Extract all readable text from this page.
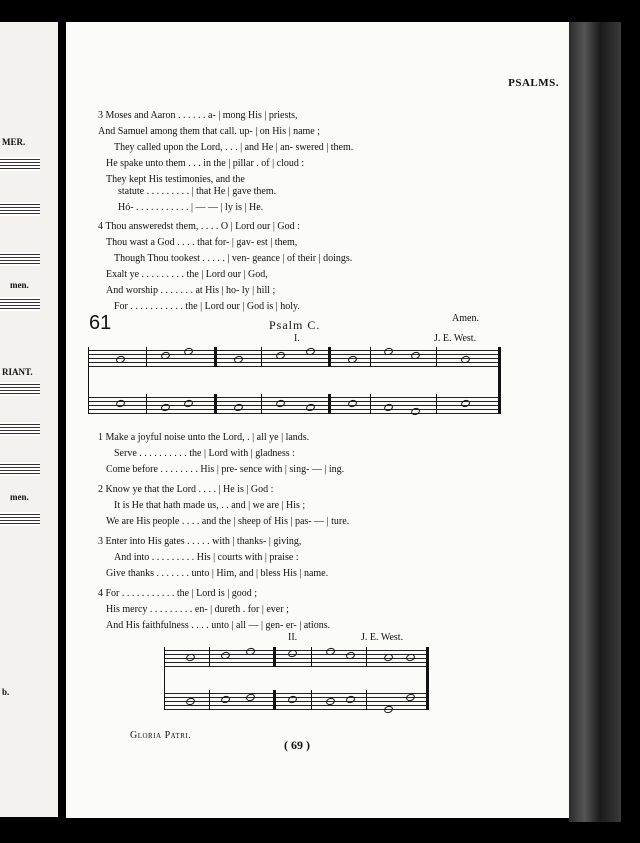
MER.
men.
RIANT.
men.
b.
PSALMS.
3 Moses and Aaron . . . . . . a- | mong His | priests,
And Samuel among them that call. up- | on His | name ;
They called upon the Lord, . . . | and He | an- swered | them.
He spake unto them . . . in the | pillar . of | cloud :
They kept His testimonies, and the
statute . . . . . . . . . | that He | gave them.
Hó- . . . . . . . . . . . | — — | ly is | He.
4 Thou answeredst them, . . . . O | Lord our | God :
Thou wast a God . . . . that for- | gav- est | them,
Though Thou tookest . . . . . | ven- geance | of their | doings.
Exalt ye . . . . . . . . . the | Lord our | God,
And worship . . . . . . . at His | ho- ly | hill ;
For . . . . . . . . . . . the | Lord our | God is | holy.
Amen.
61	Psalm C.
I.	J. E. West.
1 Make a joyful noise unto the Lord, . | all ye | lands.
Serve . . . . . . . . . . the | Lord with | gladness :
Come before . . . . . . . . His | pre- sence with | sing- — | ing.
2 Know ye that the Lord . . . . | He is | God :
It is He that hath made us, . . and | we are | His ;
We are His people . . . . and the | sheep of His | pas- — | ture.
3 Enter into His gates . . . . . with | thanks- | giving,
And into . . . . . . . . . His | courts with | praise :
Give thanks . . . . . . . unto | Him, and | bless His | name.
4 For . . . . . . . . . . . the | Lord is | good ;
His mercy . . . . . . . . . en- | dureth . for | ever ;
And His faithfulness . . . . unto | all — | gen- er- | ations.
II.	J. E. West.
Gloria Patri.
( 69 )
